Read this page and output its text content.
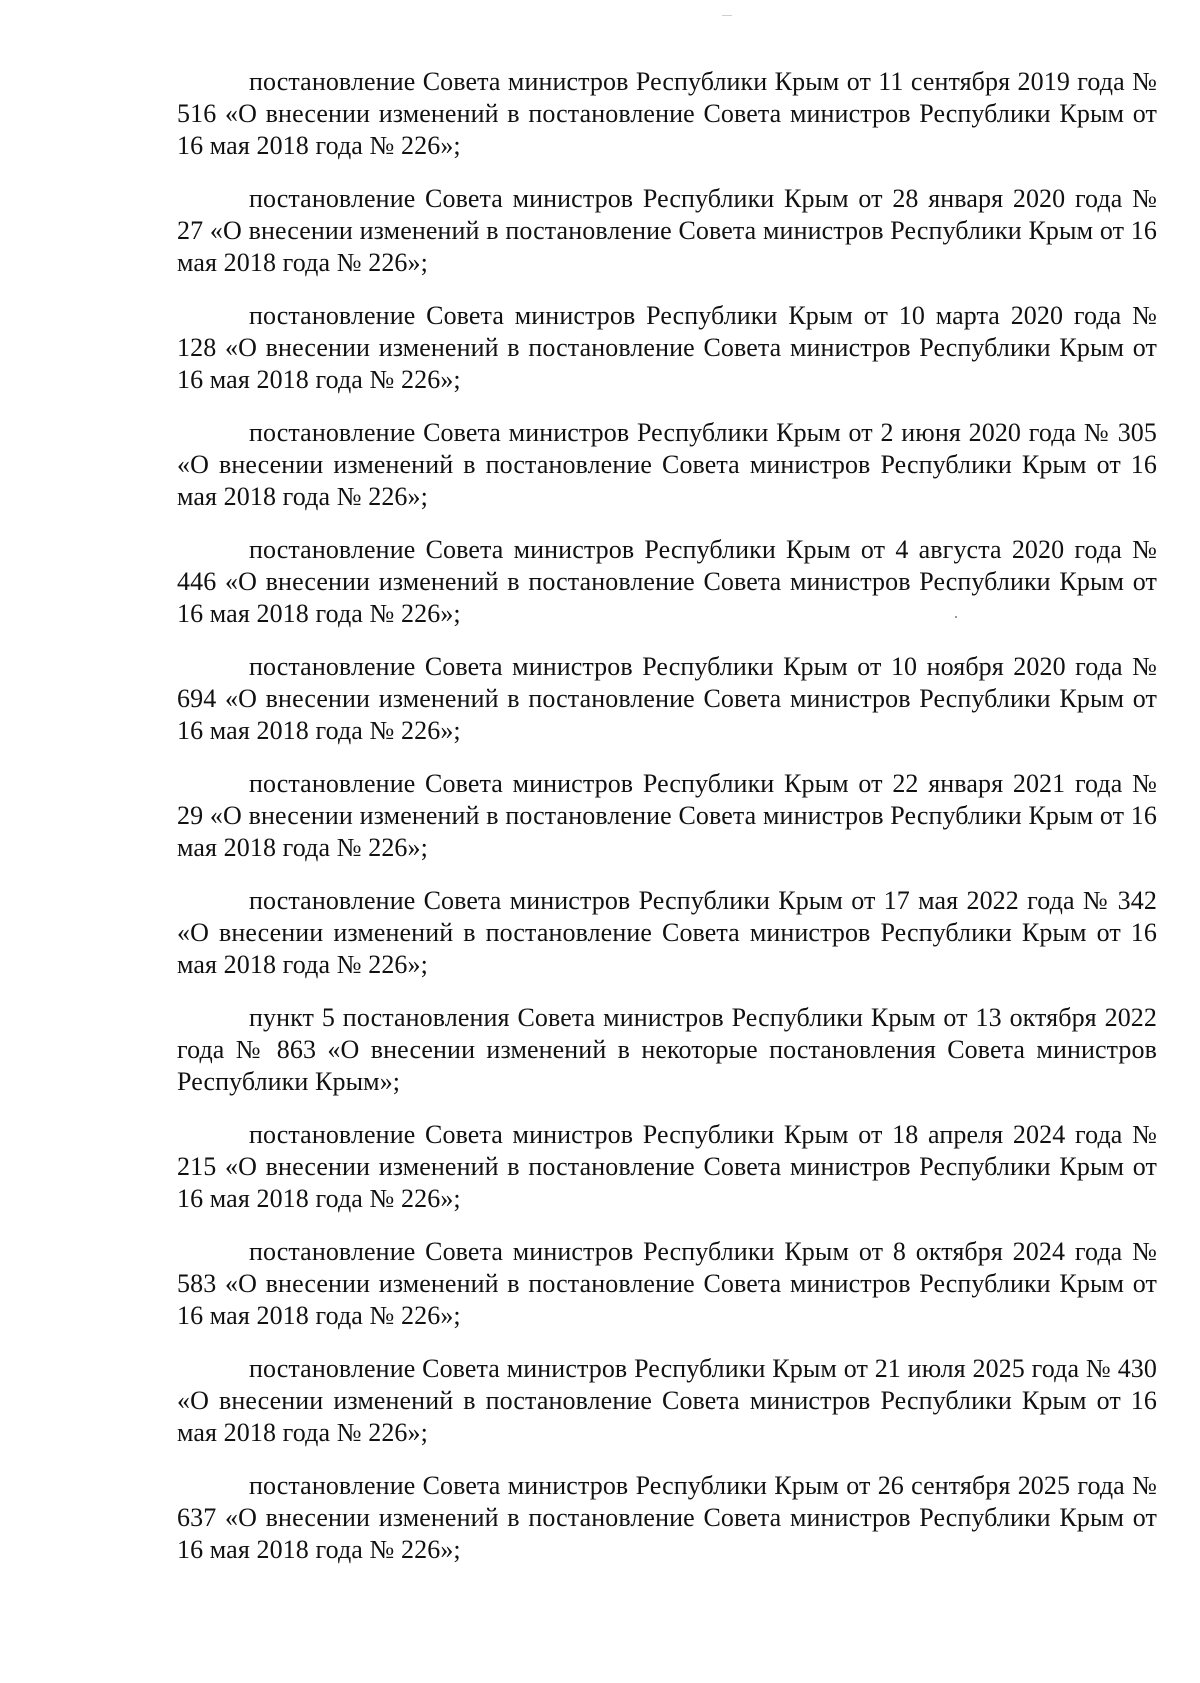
постановление Совета министров Республики Крым от 11 сентября 2019 года № 516 «О внесении изменений в постановление Совета министров Республики Крым от 16 мая 2018 года № 226»;

постановление Совета министров Республики Крым от 28 января 2020 года № 27 «О внесении изменений в постановление Совета министров Республики Крым от 16 мая 2018 года № 226»;

постановление Совета министров Республики Крым от 10 марта 2020 года № 128 «О внесении изменений в постановление Совета министров Республики Крым от 16 мая 2018 года № 226»;

постановление Совета министров Республики Крым от 2 июня 2020 года № 305 «О внесении изменений в постановление Совета министров Республики Крым от 16 мая 2018 года № 226»;

постановление Совета министров Республики Крым от 4 августа 2020 года № 446 «О внесении изменений в постановление Совета министров Республики Крым от 16 мая 2018 года № 226»;

постановление Совета министров Республики Крым от 10 ноября 2020 года № 694 «О внесении изменений в постановление Совета министров Республики Крым от 16 мая 2018 года № 226»;

постановление Совета министров Республики Крым от 22 января 2021 года № 29 «О внесении изменений в постановление Совета министров Республики Крым от 16 мая 2018 года № 226»;

постановление Совета министров Республики Крым от 17 мая 2022 года № 342 «О внесении изменений в постановление Совета министров Республики Крым от 16 мая 2018 года № 226»;

пункт 5 постановления Совета министров Республики Крым от 13 октября 2022 года № 863 «О внесении изменений в некоторые постановления Совета министров Республики Крым»;

постановление Совета министров Республики Крым от 18 апреля 2024 года № 215 «О внесении изменений в постановление Совета министров Республики Крым от 16 мая 2018 года № 226»;

постановление Совета министров Республики Крым от 8 октября 2024 года № 583 «О внесении изменений в постановление Совета министров Республики Крым от 16 мая 2018 года № 226»;

постановление Совета министров Республики Крым от 21 июля 2025 года № 430 «О внесении изменений в постановление Совета министров Республики Крым от 16 мая 2018 года № 226»;

постановление Совета министров Республики Крым от 26 сентября 2025 года № 637 «О внесении изменений в постановление Совета министров Республики Крым от 16 мая 2018 года № 226»;
